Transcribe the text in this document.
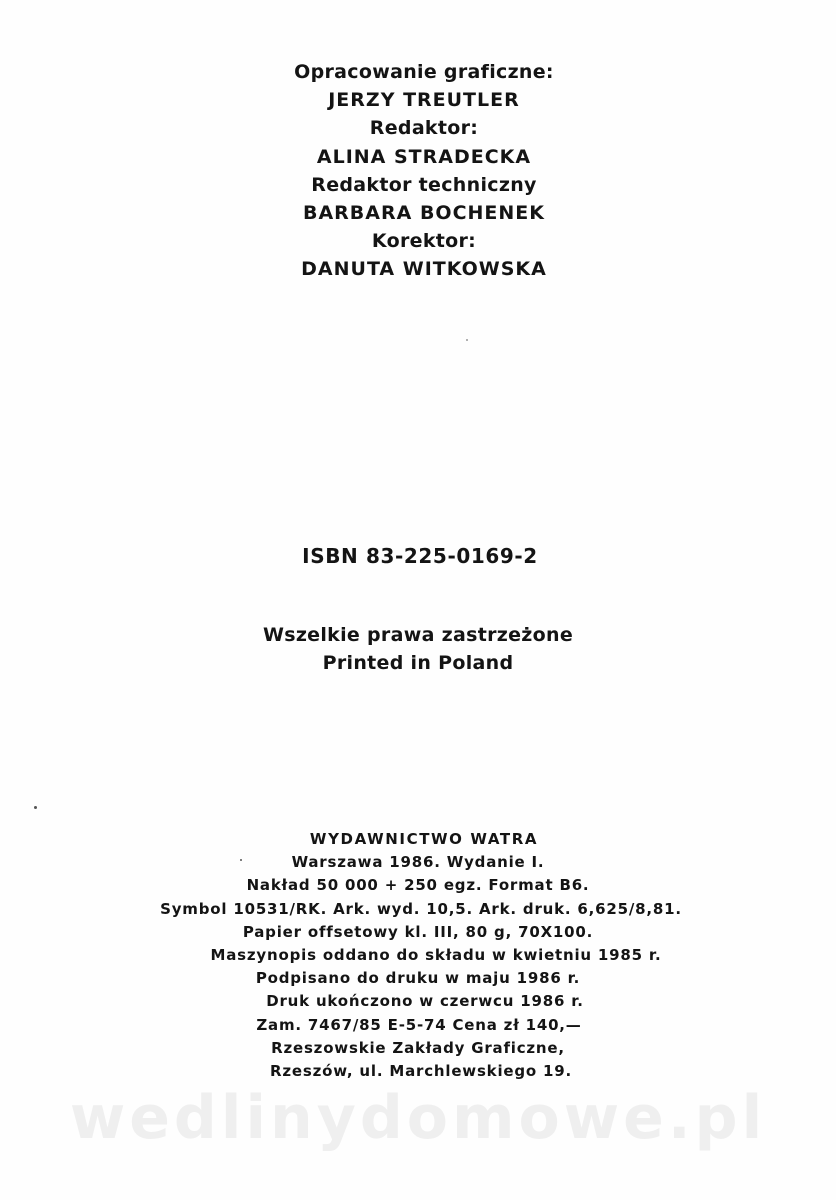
Opracowanie graficzne:
JERZY TREUTLER
Redaktor:
ALINA STRADECKA
Redaktor techniczny
BARBARA BOCHENEK
Korektor:
DANUTA WITKOWSKA
ISBN 83-225-0169-2
Wszelkie prawa zastrzeżone
Printed in Poland
WYDAWNICTWO WATRA
Warszawa 1986. Wydanie I.
Nakład 50 000 + 250 egz. Format B6.
Symbol 10531/RK. Ark. wyd. 10,5. Ark. druk. 6,625/8,81.
Papier offsetowy kl. III, 80 g, 70X100.
Maszynopis oddano do składu w kwietniu 1985 r.
Podpisano do druku w maju 1986 r.
Druk ukończono w czerwcu 1986 r.
Zam. 7467/85 E-5-74 Cena zł 140,—
Rzeszowskie Zakłady Graficzne,
Rzeszów, ul. Marchlewskiego 19.
wedlinydomowe.pl
